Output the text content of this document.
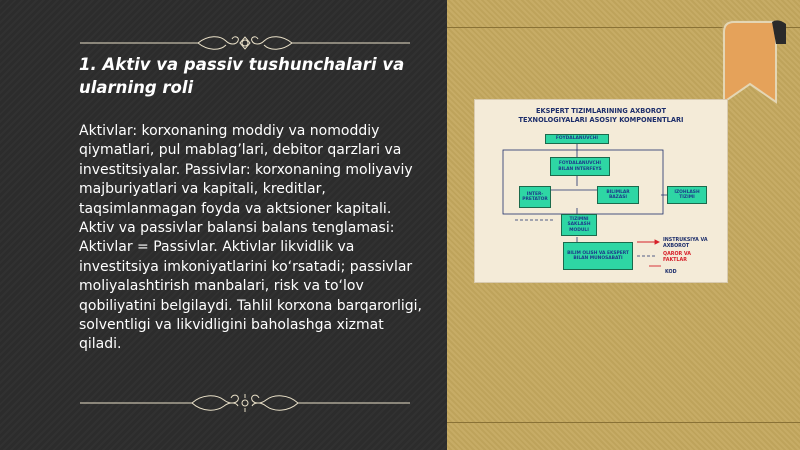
1. Aktiv va passiv tushunchalari va ularning roli
Aktivlar: korxonaning moddiy va nomoddiy qiymatlari, pul mablag’lari, debitor qarzlari va investitsiyalar. Passivlar: korxonaning moliyaviy majburiyatlari va kapitali, kreditlar, taqsimlanmagan foyda va aktsioner kapitali. Aktiv va passivlar balansi balans tenglamasi: Aktivlar = Passivlar. Aktivlar likvidlik va investitsiya imkoniyatlarini ko‘rsatadi; passivlar moliyalashtirish manbalari, risk va to‘lov qobiliyatini belgilaydi. Tahlil korxona barqarorligi, solventligi va likvidligini baholashga xizmat qiladi.
EKSPERT TIZIMLARINING AXBOROT
TEXNOLOGIYALARI ASOSIY KOMPONENTLARI
FOYDALANUVCHI
FOYDALANUVCHI BILAN INTERFEYS
INTER-PRETATOR
BILIMLAR BAZASI
IZOHLASH TIZIMI
TIZIMNI SAKLASH MODULI
BILIM OLISH VA EKSPERT BILAN MUNOSABATI
INSTRUKSIYA VA AXBOROT
QAROR VA FAKTLAR
KOD
